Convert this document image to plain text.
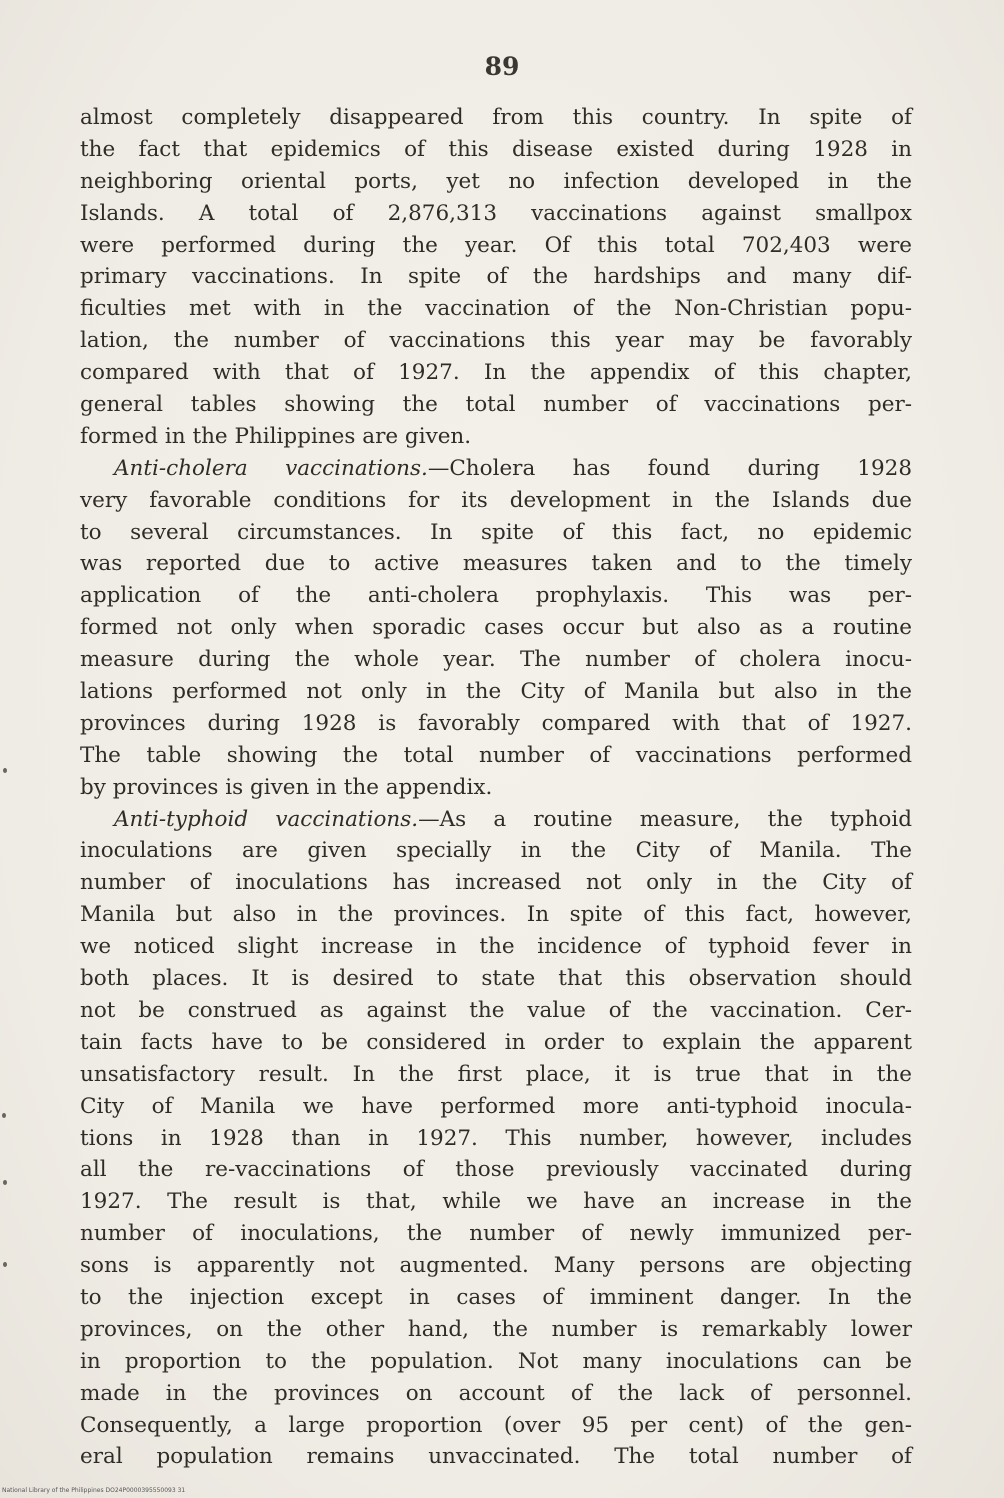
89
almost completely disappeared from this country. In spite of
the fact that epidemics of this disease existed during 1928 in
neighboring oriental ports, yet no infection developed in the
Islands. A total of 2,876,313 vaccinations against smallpox
were performed during the year. Of this total 702,403 were
primary vaccinations. In spite of the hardships and many dif-
ficulties met with in the vaccination of the Non-Christian popu-
lation, the number of vaccinations this year may be favorably
compared with that of 1927. In the appendix of this chapter,
general tables showing the total number of vaccinations per-
formed in the Philippines are given.
Anti-cholera vaccinations.—Cholera has found during 1928
very favorable conditions for its development in the Islands due
to several circumstances. In spite of this fact, no epidemic
was reported due to active measures taken and to the timely
application of the anti-cholera prophylaxis. This was per-
formed not only when sporadic cases occur but also as a routine
measure during the whole year. The number of cholera inocu-
lations performed not only in the City of Manila but also in the
provinces during 1928 is favorably compared with that of 1927.
The table showing the total number of vaccinations performed
by provinces is given in the appendix.
Anti-typhoid vaccinations.—As a routine measure, the typhoid
inoculations are given specially in the City of Manila. The
number of inoculations has increased not only in the City of
Manila but also in the provinces. In spite of this fact, however,
we noticed slight increase in the incidence of typhoid fever in
both places. It is desired to state that this observation should
not be construed as against the value of the vaccination. Cer-
tain facts have to be considered in order to explain the apparent
unsatisfactory result. In the first place, it is true that in the
City of Manila we have performed more anti-typhoid inocula-
tions in 1928 than in 1927. This number, however, includes
all the re-vaccinations of those previously vaccinated during
1927. The result is that, while we have an increase in the
number of inoculations, the number of newly immunized per-
sons is apparently not augmented. Many persons are objecting
to the injection except in cases of imminent danger. In the
provinces, on the other hand, the number is remarkably lower
in proportion to the population. Not many inoculations can be
made in the provinces on account of the lack of personnel.
Consequently, a large proportion (over 95 per cent) of the gen-
eral population remains unvaccinated. The total number of
National Library of the Philippines DO24P0000395550093 31
